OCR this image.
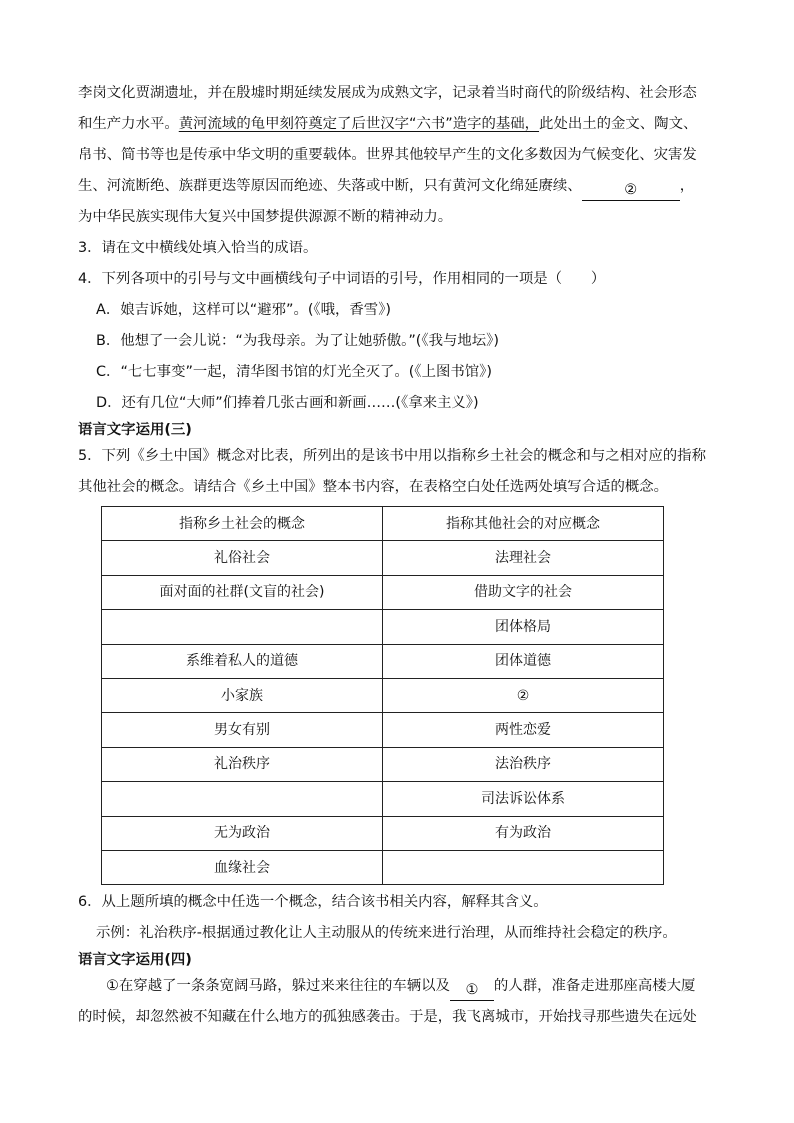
李岗文化贾湖遗址，并在殷墟时期延续发展成为成熟文字，记录着当时商代的阶级结构、社会形态

和生产力水平。黄河流域的龟甲刻符奠定了后世汉字“六书”造字的基础，此处出土的金文、陶文、

帛书、简书等也是传承中华文明的重要载体。世界其他较早产生的文化多数因为气候变化、灾害发

生、河流断绝、族群更迭等原因而绝迹、失落或中断，只有黄河文化绵延赓续、	②	，

为中华民族实现伟大复兴中国梦提供源源不断的精神动力。

3．请在文中横线处填入恰当的成语。

4．下列各项中的引号与文中画横线句子中词语的引号，作用相同的一项是（　　）

A．娘吉诉她，这样可以“避邪”。(《哦，香雪》)

B．他想了一会儿说：“为我母亲。为了让她骄傲。”(《我与地坛》)

C．“七七事变”一起，清华图书馆的灯光全灭了。(《上图书馆》)

D．还有几位“大师”们捧着几张古画和新画……(《拿来主义》)

语言文字运用(三)

5．下列《乡土中国》概念对比表，所列出的是该书中用以指称乡土社会的概念和与之相对应的指称

其他社会的概念。请结合《乡土中国》整本书内容，在表格空白处任选两处填写合适的概念。

指称乡土社会的概念	指称其他社会的对应概念
礼俗社会	法理社会
面对面的社群(文盲的社会)	借助文字的社会
	团体格局
系维着私人的道德	团体道德
小家族	②
男女有别	两性恋爱
礼治秩序	法治秩序
	司法诉讼体系
无为政治	有为政治
血缘社会	

6．从上题所填的概念中任选一个概念，结合该书相关内容，解释其含义。

示例：礼治秩序-根据通过教化让人主动服从的传统来进行治理，从而维持社会稳定的秩序。

语言文字运用(四)

①在穿越了一条条宽阔马路，躲过来来往往的车辆以及 ① 的人群，准备走进那座高楼大厦

的时候，却忽然被不知藏在什么地方的孤独感袭击。于是，我飞离城市，开始找寻那些遗失在远处
